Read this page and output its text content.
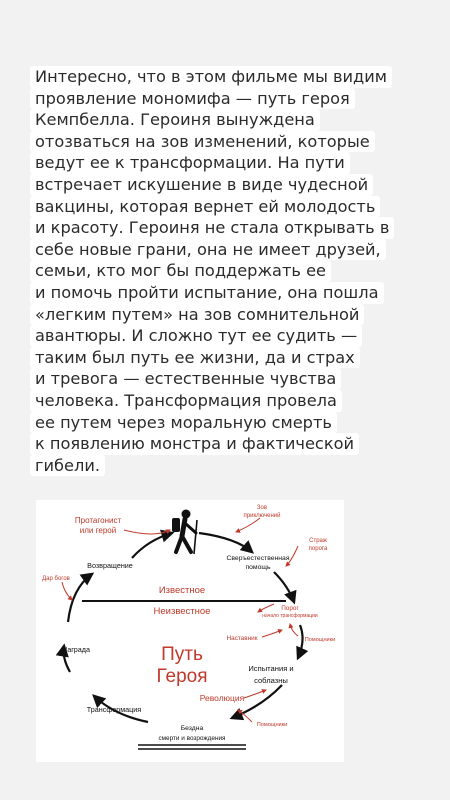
Интересно, что в этом фильме мы видим
проявление мономифа — путь героя
Кемпбелла. Героиня вынуждена
отозваться на зов изменений, которые
ведут ее к трансформации. На пути
встречает искушение в виде чудесной
вакцины, которая вернет ей молодость
и красоту. Героиня не стала открывать в
себе новые грани, она не имеет друзей,
семьи, кто мог бы поддержать ее
и помочь пройти испытание, она пошла
«легким путем» на зов сомнительной
авантюры. И сложно тут ее судить —
таким был путь ее жизни, да и страх
и тревога — естественные чувства
человека. Трансформация провела
ее путем через моральную смерть
к появлению монстра и фактической
гибели.
Путь
Героя
Протагонист
или герой
Зов
приключений
Сверъестественная
помощь
Страж
порога
Возвращение
Дар богов
Известное
Неизвестное	Порог
начало трансформации
Наставник	Помощники
Награда
Испытания и
соблазны
Революция
Трансформация
Помощники
Бездна
смерти и возрождения
